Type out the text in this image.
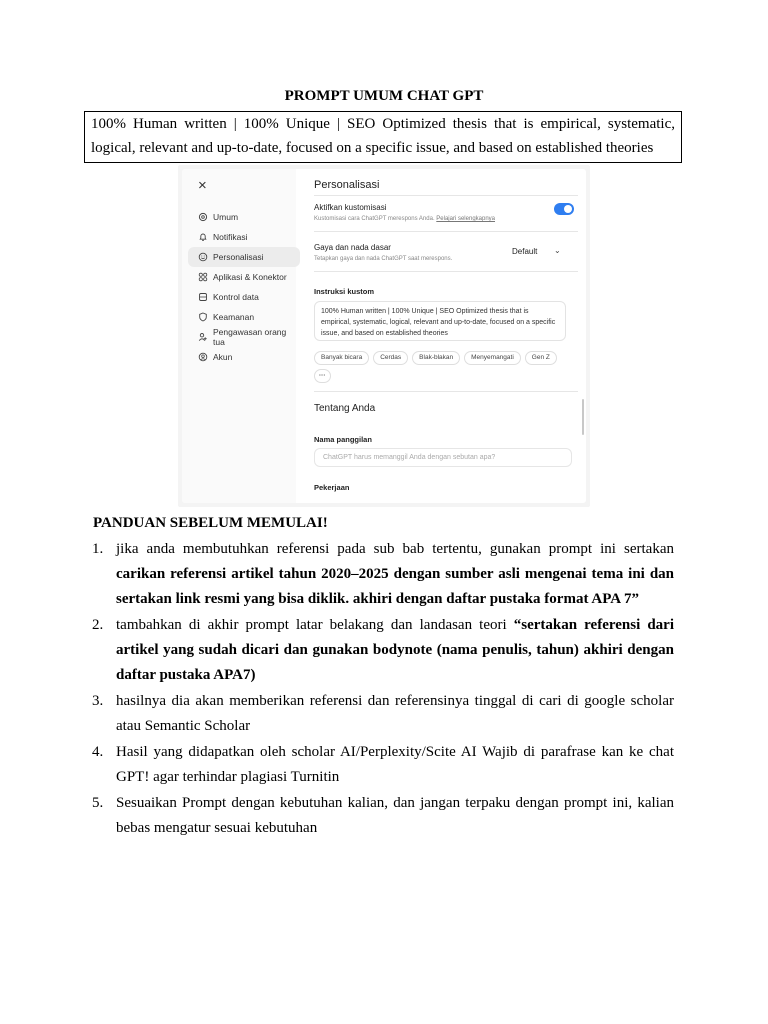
PROMPT UMUM CHAT GPT
100% Human written | 100% Unique | SEO Optimized thesis that is empirical, systematic, logical, relevant and up-to-date, focused on a specific issue, and based on established theories
×
Umum
Notifikasi
Personalisasi
Aplikasi & Konektor
Kontrol data
Keamanan
Pengawasan orang tua
Akun
Personalisasi
Aktifkan kustomisasi
Kustomisasi cara ChatGPT merespons Anda. Pelajari selengkapnya
Gaya dan nada dasar
Tetapkan gaya dan nada ChatGPT saat merespons.
Default ⌄
Instruksi kustom
100% Human written | 100% Unique | SEO Optimized thesis that is empirical, systematic, logical, relevant and up-to-date, focused on a specific issue, and based on established theories
Banyak bicara	Cerdas	Blak-blakan	Menyemangati	Gen Z
···
Tentang Anda
Nama panggilan
ChatGPT harus memanggil Anda dengan sebutan apa?
Pekerjaan
PANDUAN SEBELUM MEMULAI!
1. jika anda membutuhkan referensi pada sub bab tertentu, gunakan prompt ini sertakan carikan referensi artikel tahun 2020–2025 dengan sumber asli mengenai tema ini dan sertakan link resmi yang bisa diklik. akhiri dengan daftar pustaka format APA 7”
2. tambahkan di akhir prompt latar belakang dan landasan teori “sertakan referensi dari artikel yang sudah dicari dan gunakan bodynote (nama penulis, tahun) akhiri dengan daftar pustaka APA7)
3. hasilnya dia akan memberikan referensi dan referensinya tinggal di cari di google scholar atau Semantic Scholar
4. Hasil yang didapatkan oleh scholar AI/Perplexity/Scite AI Wajib di parafrase kan ke chat GPT! agar terhindar plagiasi Turnitin
5. Sesuaikan Prompt dengan kebutuhan kalian, dan jangan terpaku dengan prompt ini, kalian bebas mengatur sesuai kebutuhan
